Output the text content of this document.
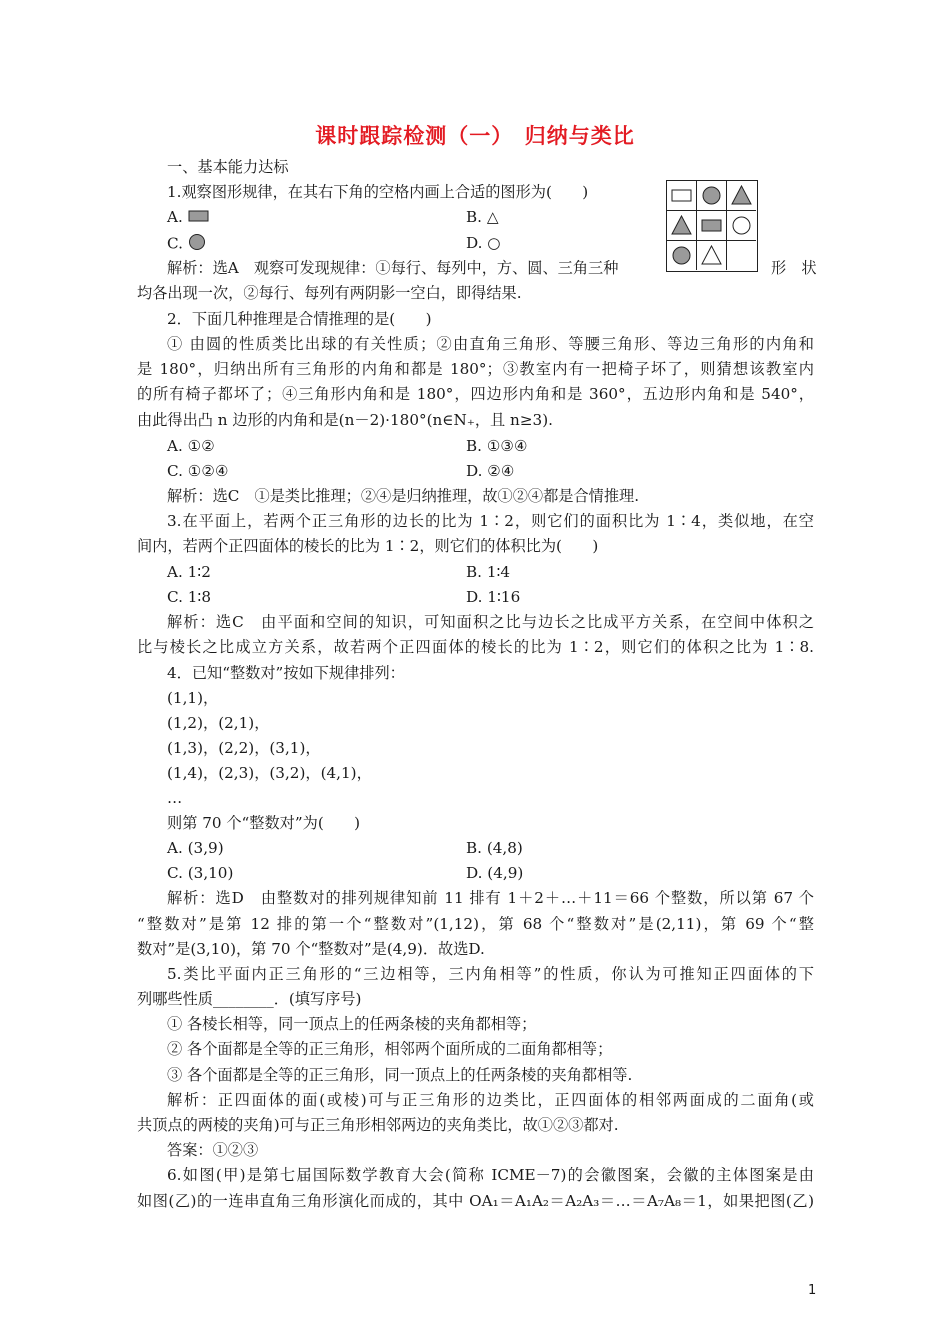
课时跟踪检测（一）　归纳与类比
一、基本能力达标
1.观察图形规律，在其右下角的空格内画上合适的图形为(　　)
A.	B. △
C.	D. ○
解析：选A　观察可发现规律：①每行、每列中，方、圆、三角三种	形　状
均各出现一次，②每行、每列有两阴影一空白，即得结果.
2．下面几种推理是合情推理的是(　　)
① 由圆的性质类比出球的有关性质；②由直角三角形、等腰三角形、等边三角形的内角和
是 180°，归纳出所有三角形的内角和都是 180°；③教室内有一把椅子坏了，则猜想该教室内
的所有椅子都坏了；④三角形内角和是 180°，四边形内角和是 360°，五边形内角和是 540°，
由此得出凸 n 边形的内角和是(n－2)·180°(n∈N₊，且 n≥3).
A. ①②	B. ①③④
C. ①②④	D. ②④
解析：选C　①是类比推理；②④是归纳推理，故①②④都是合情推理.
3.在平面上，若两个正三角形的边长的比为 1∶2，则它们的面积比为 1∶4，类似地，在空
间内，若两个正四面体的棱长的比为 1∶2，则它们的体积比为(　　)
A. 1∶2	B. 1∶4
C. 1∶8	D. 1∶16
解析：选C　由平面和空间的知识，可知面积之比与边长之比成平方关系，在空间中体积之
比与棱长之比成立方关系，故若两个正四面体的棱长的比为 1∶2，则它们的体积之比为 1∶8.
4．已知“整数对”按如下规律排列：
(1,1)，
(1,2)，(2,1)，
(1,3)，(2,2)，(3,1)，
(1,4)，(2,3)，(3,2)，(4,1)，
…
则第 70 个“整数对”为(　　)
A. (3,9)	B. (4,8)
C. (3,10)	D. (4,9)
解析：选D　由整数对的排列规律知前 11 排有 1＋2＋…＋11＝66 个整数，所以第 67 个
“整数对”是第 12 排的第一个“整数对”(1,12)，第 68 个“整数对”是(2,11)，第 69 个“整
数对”是(3,10)，第 70 个“整数对”是(4,9)．故选D.
5.类比平面内正三角形的“三边相等，三内角相等”的性质，你认为可推知正四面体的下
列哪些性质________．(填写序号)
① 各棱长相等，同一顶点上的任两条棱的夹角都相等；
② 各个面都是全等的正三角形，相邻两个面所成的二面角都相等；
③ 各个面都是全等的正三角形，同一顶点上的任两条棱的夹角都相等.
解析：正四面体的面(或棱)可与正三角形的边类比，正四面体的相邻两面成的二面角(或
共顶点的两棱的夹角)可与正三角形相邻两边的夹角类比，故①②③都对.
答案：①②③
6.如图(甲)是第七届国际数学教育大会(简称 ICME－7)的会徽图案，会徽的主体图案是由
如图(乙)的一连串直角三角形演化而成的，其中 OA₁＝A₁A₂＝A₂A₃＝…＝A₇A₈＝1，如果把图(乙)
1
